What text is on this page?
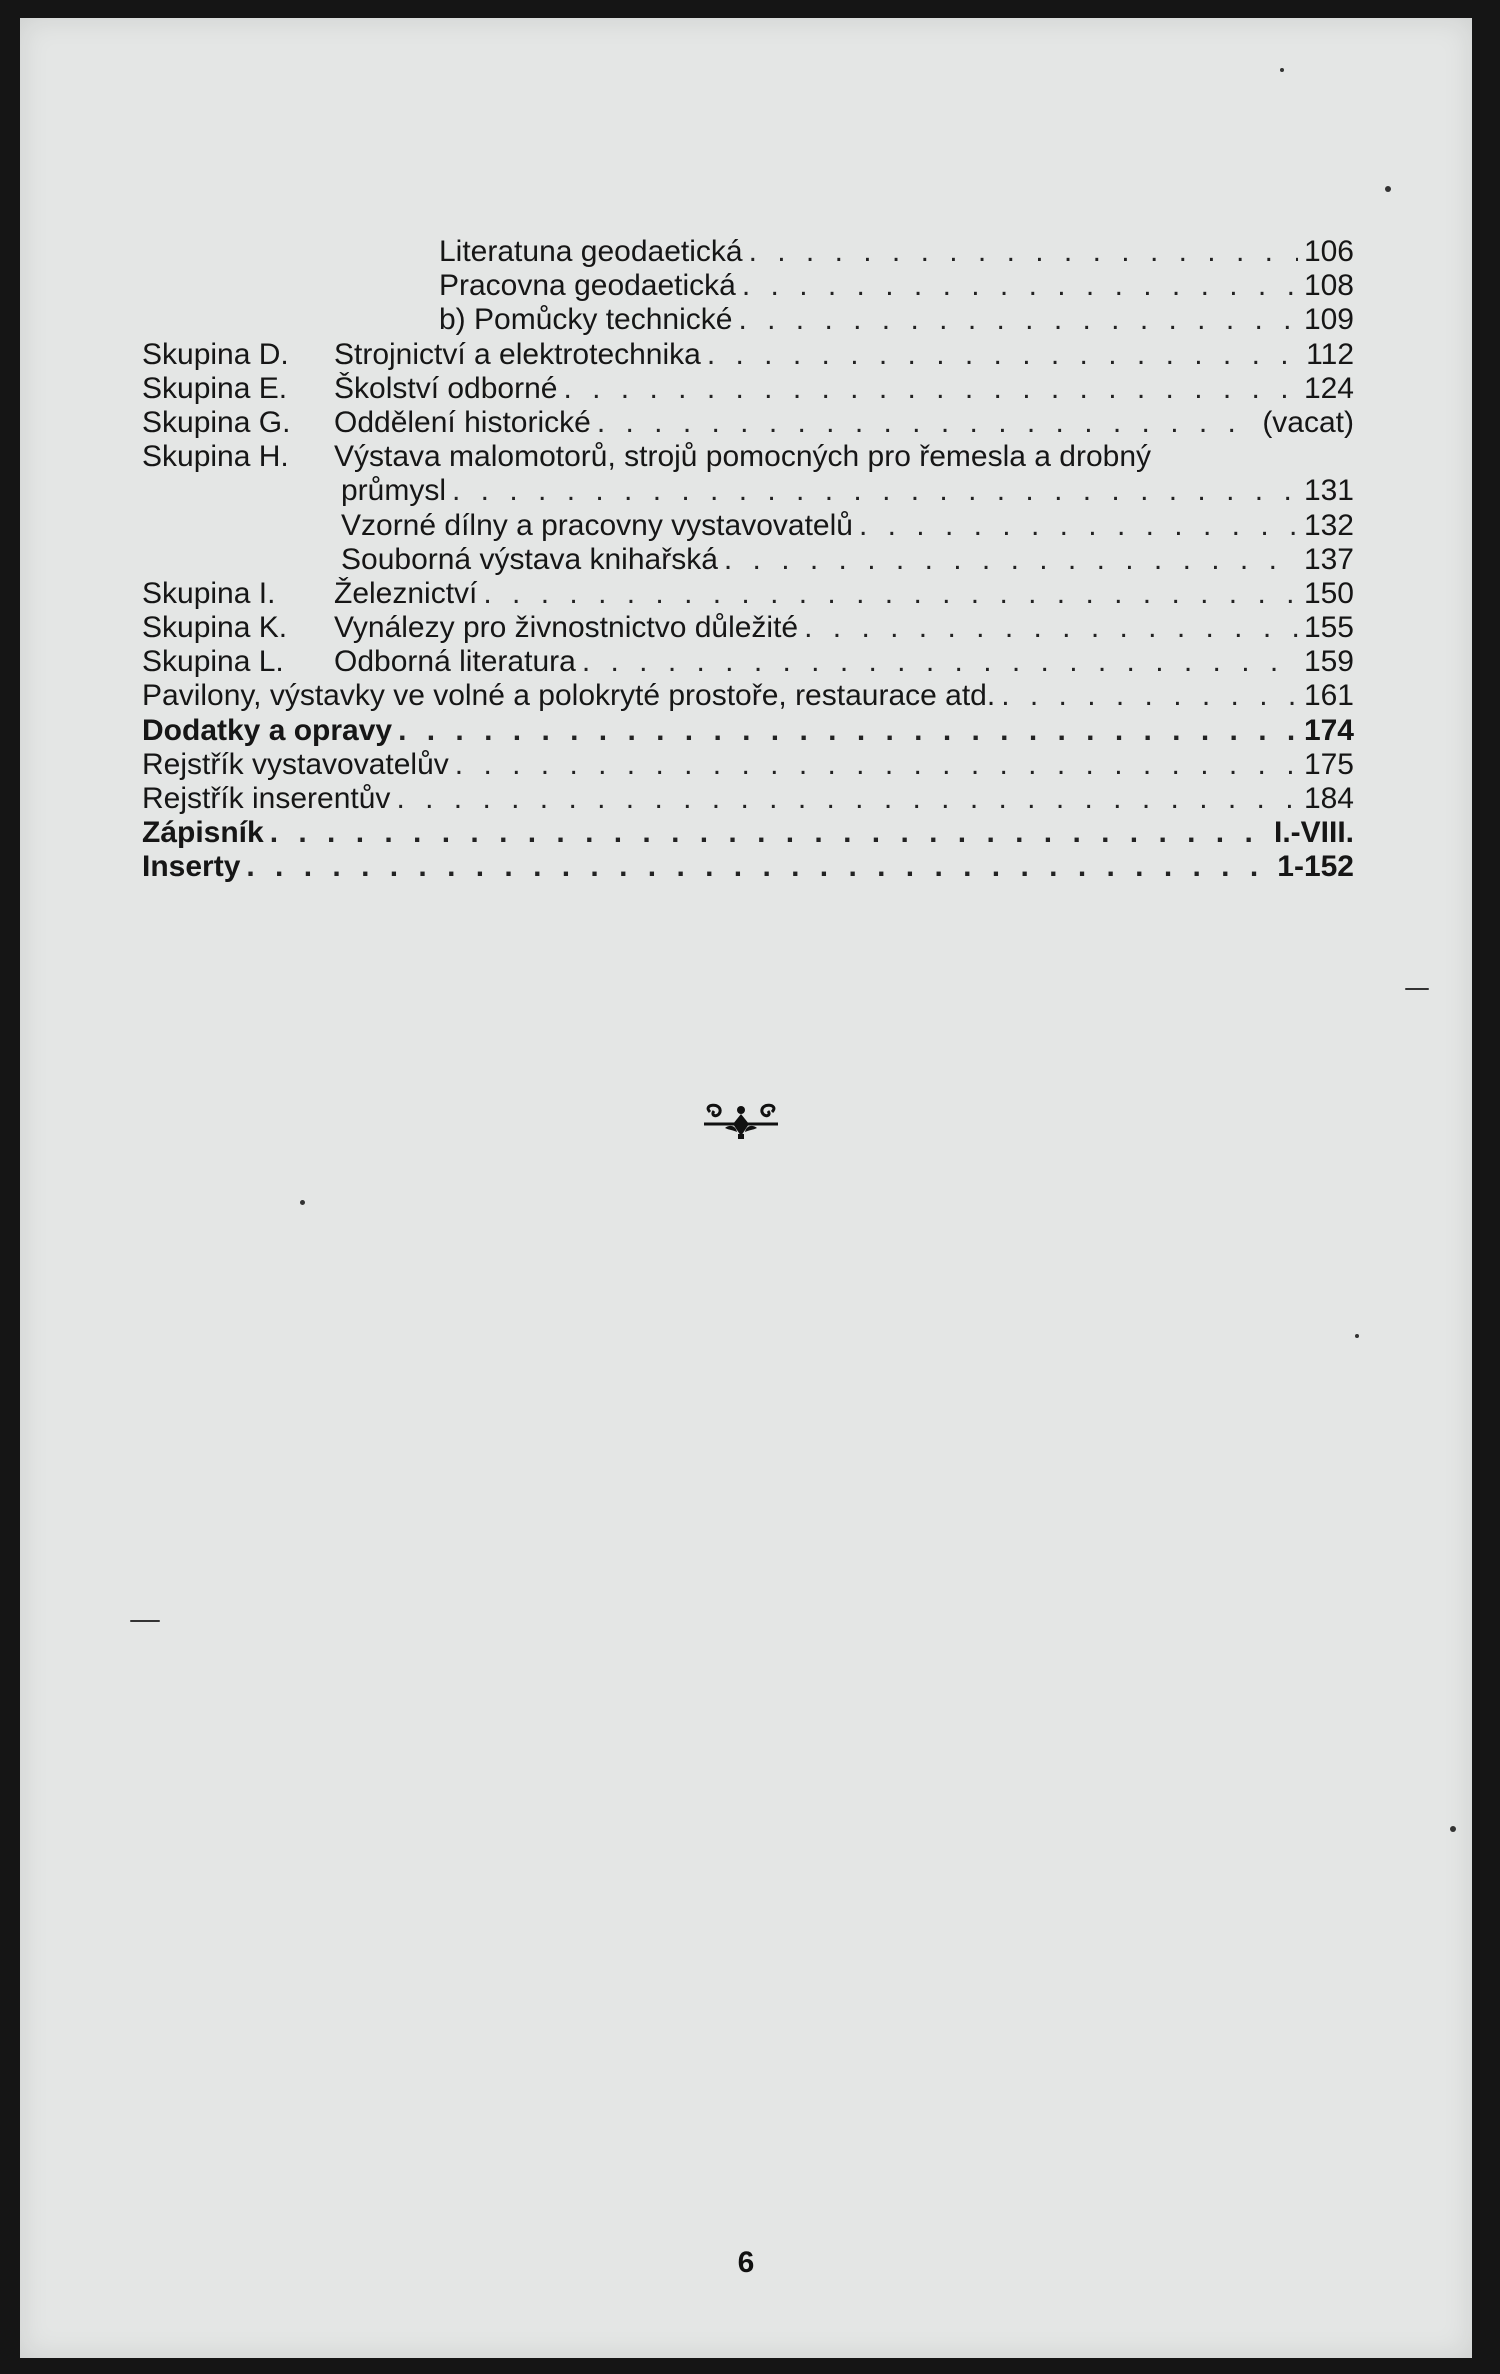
Literatuna geodaetická . . .	106
Pracovna geodaetická . . .	108
b) Pomůcky technické . . .	109
Skupina D.	Strojnictví a elektrotechnika . . .	112
Skupina E.	Školství odborné . . .	124
Skupina G.	Oddělení historické . . .	(vacat)
Skupina H.	Výstava malomotorů, strojů pomocných pro řemesla a drobný
průmysl . . .	131
Vzorné dílny a pracovny vystavovatelů . . .	132
Souborná výstava knihařská . . .	137
Skupina I.	Železnictví . . .	150
Skupina K.	Vynálezy pro živnostnictvo důležité . . .	155
Skupina L.	Odborná literatura . . .	159
Pavilony, výstavky ve volné a polokryté prostoře, restaurace atd. . . .	161
Dodatky a opravy . . .	174
Rejstřík vystavovatelův . . .	175
Rejstřík inserentův . . .	184
Zápisník . . .	I.-VIII.
Inserty . . .	1-152
6
